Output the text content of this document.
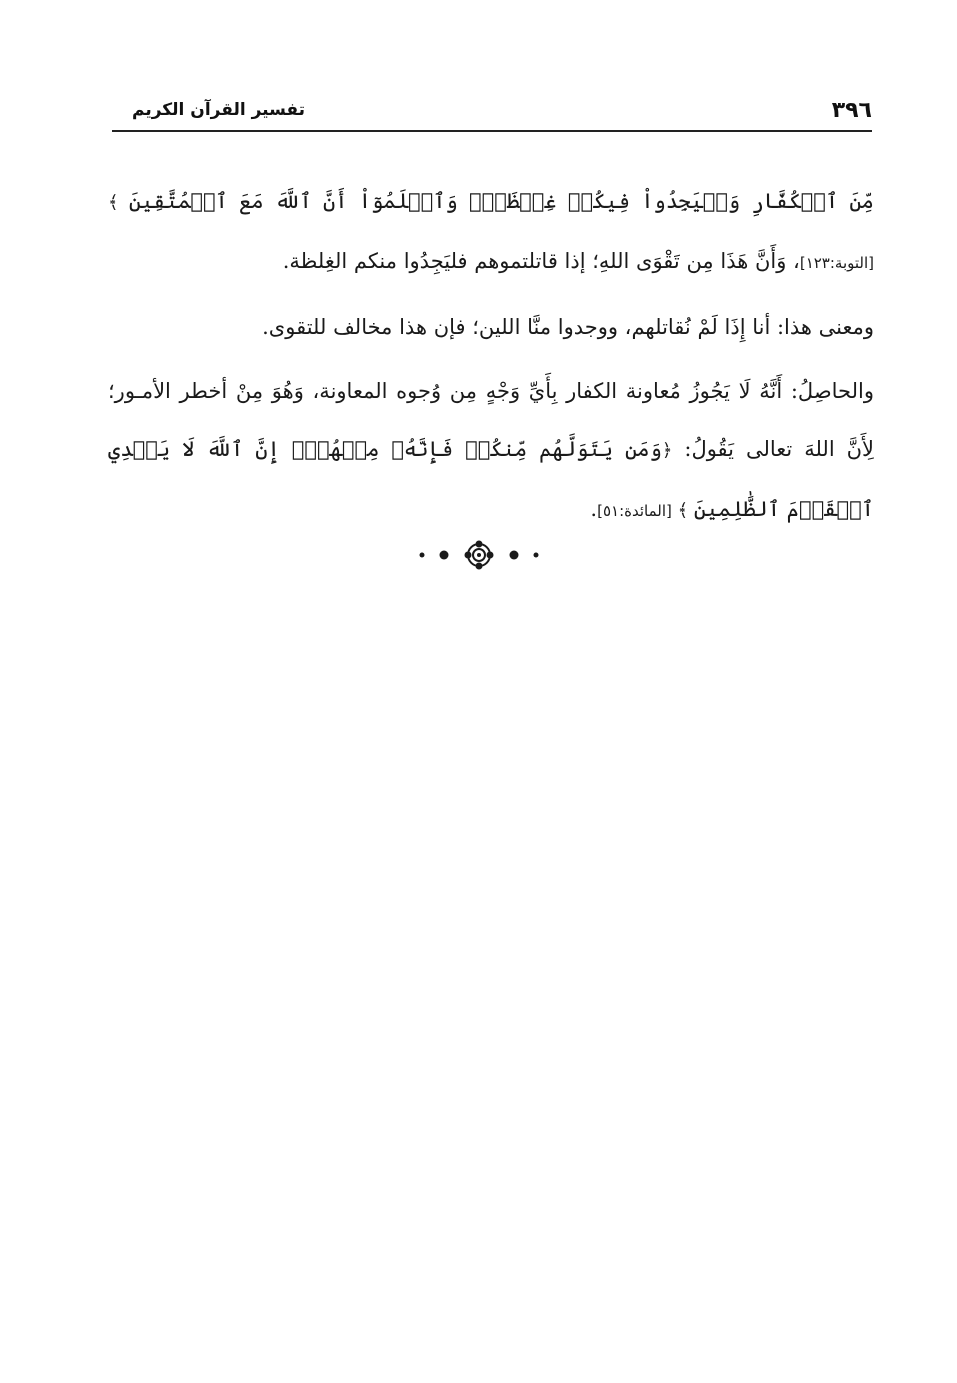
٣٩٦
تفسير القرآن الكريم

مِّنَ ٱلۡكُفَّارِ وَلۡيَجِدُواْ فِيكُمۡ غِلۡظَةٗۚ وَٱعۡلَمُوٓاْ أَنَّ ٱللَّهَ مَعَ ٱلۡمُتَّقِينَ ﴾ [التوبة:١٢٣]، وَأَنَّ هَذَا مِن تَقْوَى اللهِ؛ إذا قاتلتموهم فليَجِدُوا منكم الغِلظة.

ومعنى هذا: أنا إِذَا لَمْ نُقاتلهم، ووجدوا منَّا اللين؛ فإن هذا مخالف للتقوى.

والحاصِلُ: أَنَّهُ لَا يَجُوزُ مُعاونة الكفار بِأَيِّ وَجْهٍ مِن وُجوه المعاونة، وَهُوَ مِنْ أخطر الأمـور؛ لِأَنَّ اللهَ تعالى يَقُولُ: ﴿وَمَن يَتَوَلَّهُم مِّنكُمۡ فَإِنَّهُۥ مِنۡهُمۡۗ إِنَّ ٱللَّهَ لَا يَهۡدِي ٱلۡقَوۡمَ ٱلظَّٰلِمِينَ ﴾ [المائدة:٥١].
